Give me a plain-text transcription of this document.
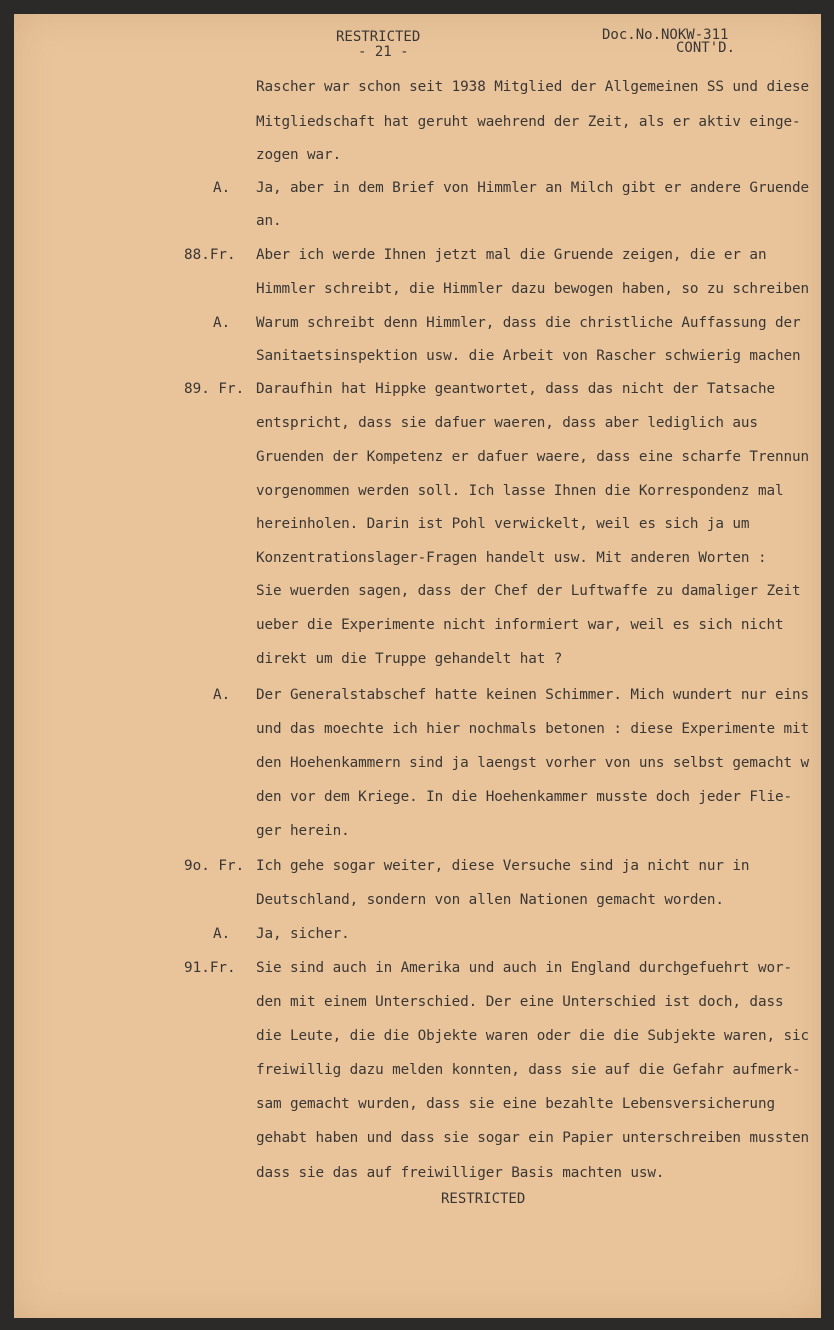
RESTRICTED
- 21 -
Doc.No.NOKW-311
CONT'D.
Rascher war schon seit 1938 Mitglied der Allgemeinen SS und diese
Mitgliedschaft hat geruht waehrend der Zeit, als er aktiv einge-
zogen war.
Ja, aber in dem Brief von Himmler an Milch gibt er andere Gruende
an.
Aber ich werde Ihnen jetzt mal die Gruende zeigen, die er an
Himmler schreibt, die Himmler dazu bewogen haben, so zu schreiben
Warum schreibt denn Himmler, dass die christliche Auffassung der
Sanitaetsinspektion usw. die Arbeit von Rascher schwierig machen
Daraufhin hat Hippke geantwortet, dass das nicht der Tatsache
entspricht, dass sie dafuer waeren, dass aber lediglich aus
Gruenden der Kompetenz er dafuer waere, dass eine scharfe Trennun
vorgenommen werden soll. Ich lasse Ihnen die Korrespondenz mal
hereinholen. Darin ist Pohl verwickelt, weil es sich ja um
Konzentrationslager-Fragen handelt usw. Mit anderen Worten :
Sie wuerden sagen, dass der Chef der Luftwaffe zu damaliger Zeit
ueber die Experimente nicht informiert war, weil es sich nicht
direkt um die Truppe gehandelt hat ?
Der Generalstabschef hatte keinen Schimmer. Mich wundert nur eins
und das moechte ich hier nochmals betonen : diese Experimente mit
den Hoehenkammern sind ja laengst vorher von uns selbst gemacht w
den vor dem Kriege. In die Hoehenkammer musste doch jeder Flie-
ger herein.
Ich gehe sogar weiter, diese Versuche sind ja nicht nur in
Deutschland, sondern von allen Nationen gemacht worden.
Ja, sicher.
Sie sind auch in Amerika und auch in England durchgefuehrt wor-
den mit einem Unterschied. Der eine Unterschied ist doch, dass
die Leute, die die Objekte waren oder die die Subjekte waren, sic
freiwillig dazu melden konnten, dass sie auf die Gefahr aufmerk-
sam gemacht wurden, dass sie eine bezahlte Lebensversicherung
gehabt haben und dass sie sogar ein Papier unterschreiben mussten
dass sie das auf freiwilliger Basis machten usw.
A.
88.Fr.
A.
89. Fr.
A.
9o. Fr.
A.
91.Fr.
RESTRICTED
